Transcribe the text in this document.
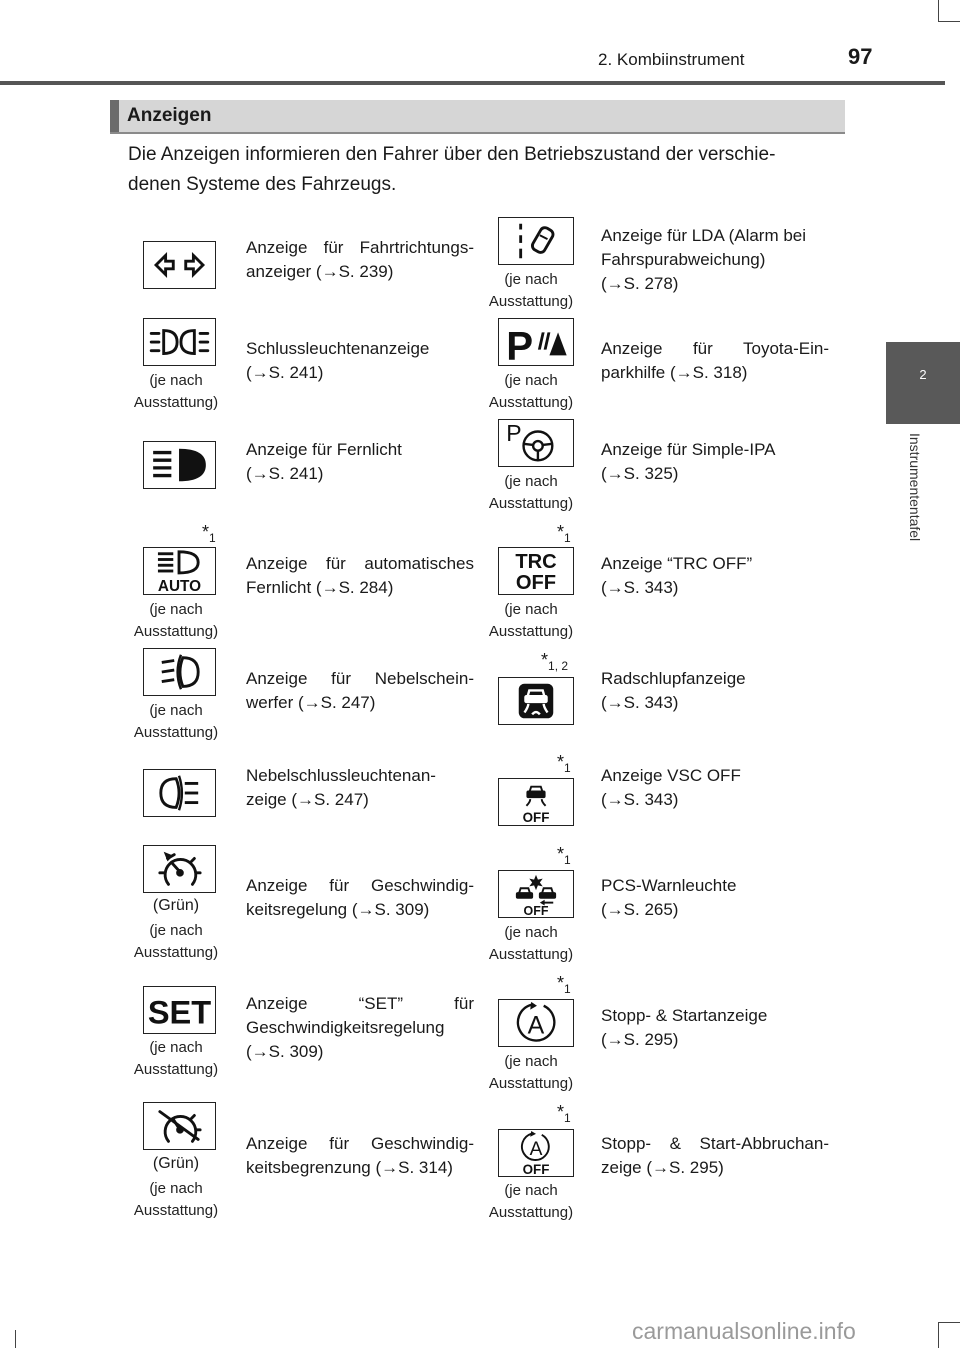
2. Kombiinstrument	97
2
Instrumententafel
Anzeigen
Die Anzeigen informieren den Fahrer über den Betriebszustand der verschie-
denen Systeme des Fahrzeugs.
Anzeige für Fahrtrichtungs-
anzeiger (→S. 239)
(je nach
Ausstattung)
Schlussleuchtenanzeige
(→S. 241)
Anzeige für Fernlicht
(→S. 241)
$*_1$
AUTO
(je nach
Ausstattung)
Anzeige für automatisches
Fernlicht (→S. 284)
(je nach
Ausstattung)
Anzeige für Nebelschein-
werfer (→S. 247)
Nebelschlussleuchtenan-
zeige (→S. 247)
(Grün)
(je nach
Ausstattung)
Anzeige für Geschwindig-
keitsregelung (→S. 309)
SET
(je nach
Ausstattung)
Anzeige “SET” für
Geschwindigkeitsregelung
(→S. 309)
(Grün)
(je nach
Ausstattung)
Anzeige für Geschwindig-
keitsbegrenzung (→S. 314)
(je nach
Ausstattung)
Anzeige für LDA (Alarm bei
Fahrspurabweichung)
(→S. 278)
P
(je nach
Ausstattung)
Anzeige für Toyota-Ein-
parkhilfe (→S. 318)
P
(je nach
Ausstattung)
Anzeige für Simple-IPA
(→S. 325)
$*_1$
TRC
OFF
(je nach
Ausstattung)
Anzeige “TRC OFF”
(→S. 343)
$*_{1, 2}$
Radschlupfanzeige
(→S. 343)
$*_1$
OFF
Anzeige VSC OFF
(→S. 343)
$*_1$
OFF
(je nach
Ausstattung)
PCS-Warnleuchte
(→S. 265)
$*_1$
A
(je nach
Ausstattung)
Stopp- & Startanzeige
(→S. 295)
$*_1$
A
OFF
(je nach
Ausstattung)
Stopp- & Start-Abbruchan-
zeige (→S. 295)
carmanualsonline.info
